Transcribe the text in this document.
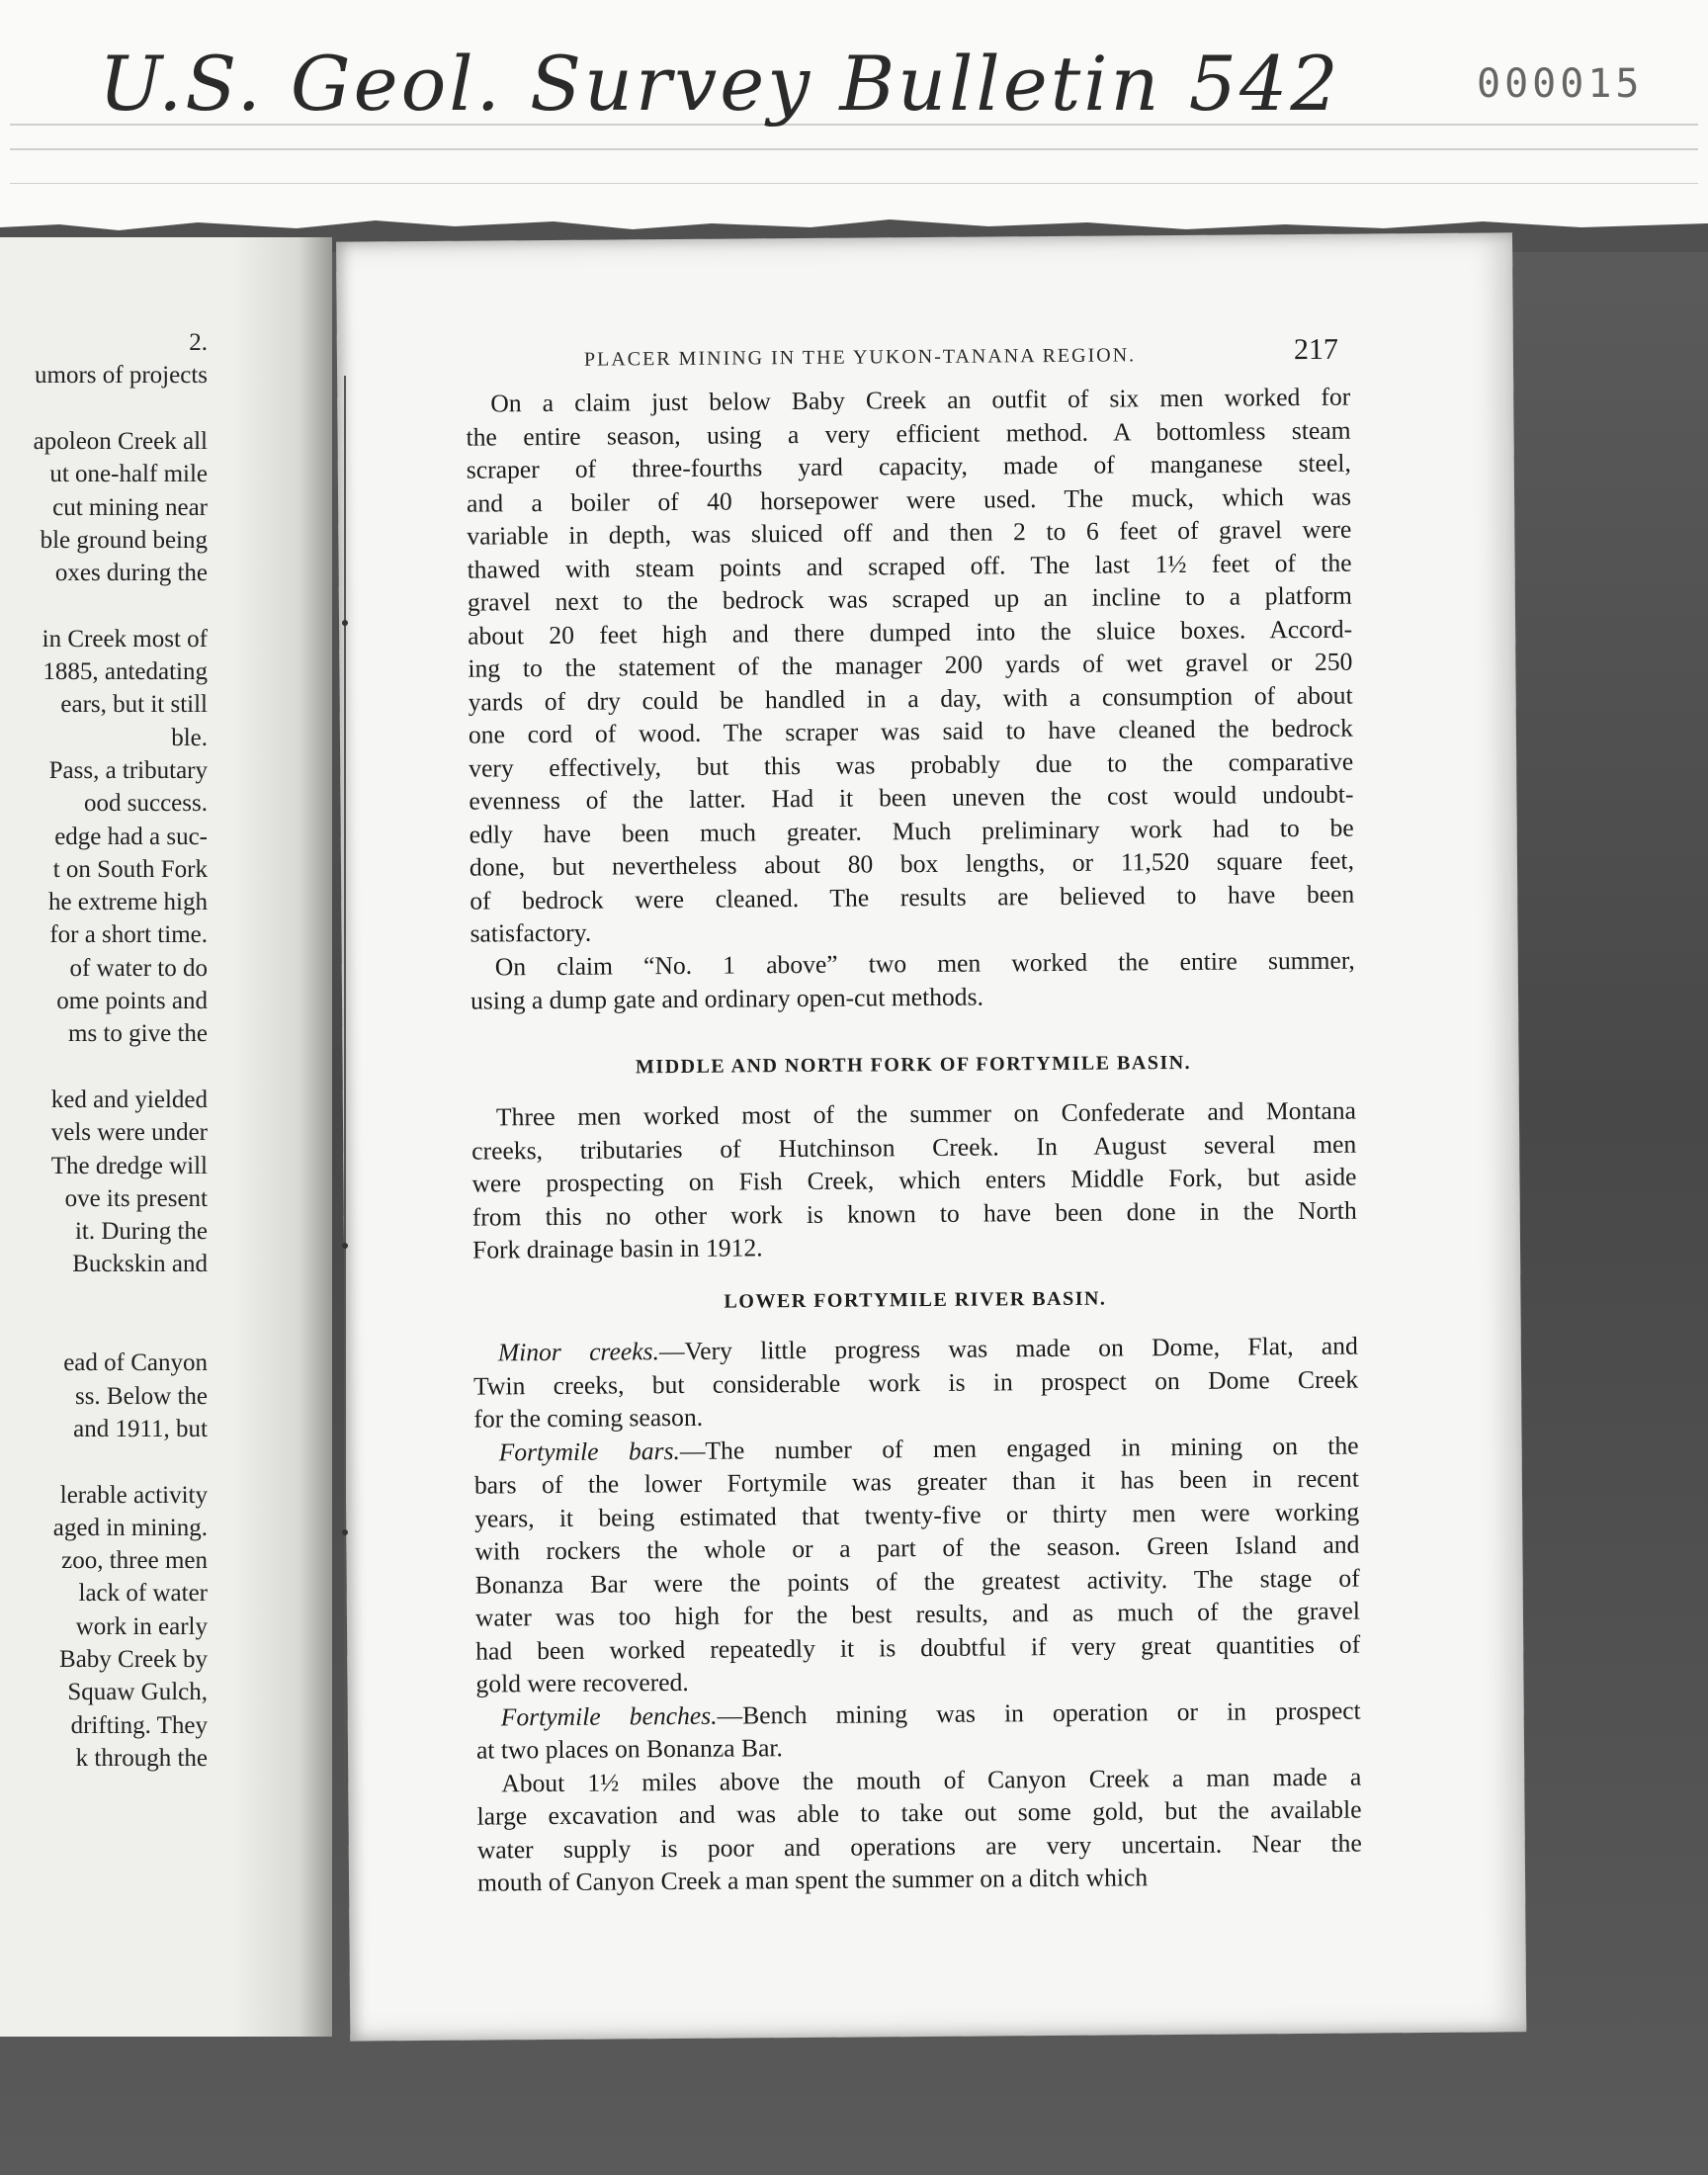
U.S. Geol. Survey Bulletin 542	000015
2.
umors of projects
apoleon Creek all
ut one-half mile
cut mining near
ble ground being
oxes during the
in Creek most of
1885, antedating
ears, but it still
ble.
Pass, a tributary
ood success.
edge had a suc-
t on South Fork
he extreme high
for a short time.
of water to do
ome points and
ms to give the
ked and yielded
vels were under
The dredge will
ove its present
it. During the
Buckskin and
ead of Canyon
ss. Below the
and 1911, but
lerable activity
aged in mining.
zoo, three men
lack of water
work in early
Baby Creek by
Squaw Gulch,
drifting. They
k through the
PLACER MINING IN THE YUKON-TANANA REGION.	217
On a claim just below Baby Creek an outfit of six men worked for
the entire season, using a very efficient method. A bottomless steam
scraper of three-fourths yard capacity, made of manganese steel,
and a boiler of 40 horsepower were used. The muck, which was
variable in depth, was sluiced off and then 2 to 6 feet of gravel were
thawed with steam points and scraped off. The last 1½ feet of the
gravel next to the bedrock was scraped up an incline to a platform
about 20 feet high and there dumped into the sluice boxes. Accord-
ing to the statement of the manager 200 yards of wet gravel or 250
yards of dry could be handled in a day, with a consumption of about
one cord of wood. The scraper was said to have cleaned the bedrock
very effectively, but this was probably due to the comparative
evenness of the latter. Had it been uneven the cost would undoubt-
edly have been much greater. Much preliminary work had to be
done, but nevertheless about 80 box lengths, or 11,520 square feet,
of bedrock were cleaned. The results are believed to have been
satisfactory.
On claim “No. 1 above” two men worked the entire summer,
using a dump gate and ordinary open-cut methods.
MIDDLE AND NORTH FORK OF FORTYMILE BASIN.
Three men worked most of the summer on Confederate and Montana
creeks, tributaries of Hutchinson Creek. In August several men
were prospecting on Fish Creek, which enters Middle Fork, but aside
from this no other work is known to have been done in the North
Fork drainage basin in 1912.
LOWER FORTYMILE RIVER BASIN.
Minor creeks.—Very little progress was made on Dome, Flat, and
Twin creeks, but considerable work is in prospect on Dome Creek
for the coming season.
Fortymile bars.—The number of men engaged in mining on the
bars of the lower Fortymile was greater than it has been in recent
years, it being estimated that twenty-five or thirty men were working
with rockers the whole or a part of the season. Green Island and
Bonanza Bar were the points of the greatest activity. The stage of
water was too high for the best results, and as much of the gravel
had been worked repeatedly it is doubtful if very great quantities of
gold were recovered.
Fortymile benches.—Bench mining was in operation or in prospect
at two places on Bonanza Bar.
About 1½ miles above the mouth of Canyon Creek a man made a
large excavation and was able to take out some gold, but the available
water supply is poor and operations are very uncertain. Near the
mouth of Canyon Creek a man spent the summer on a ditch which
